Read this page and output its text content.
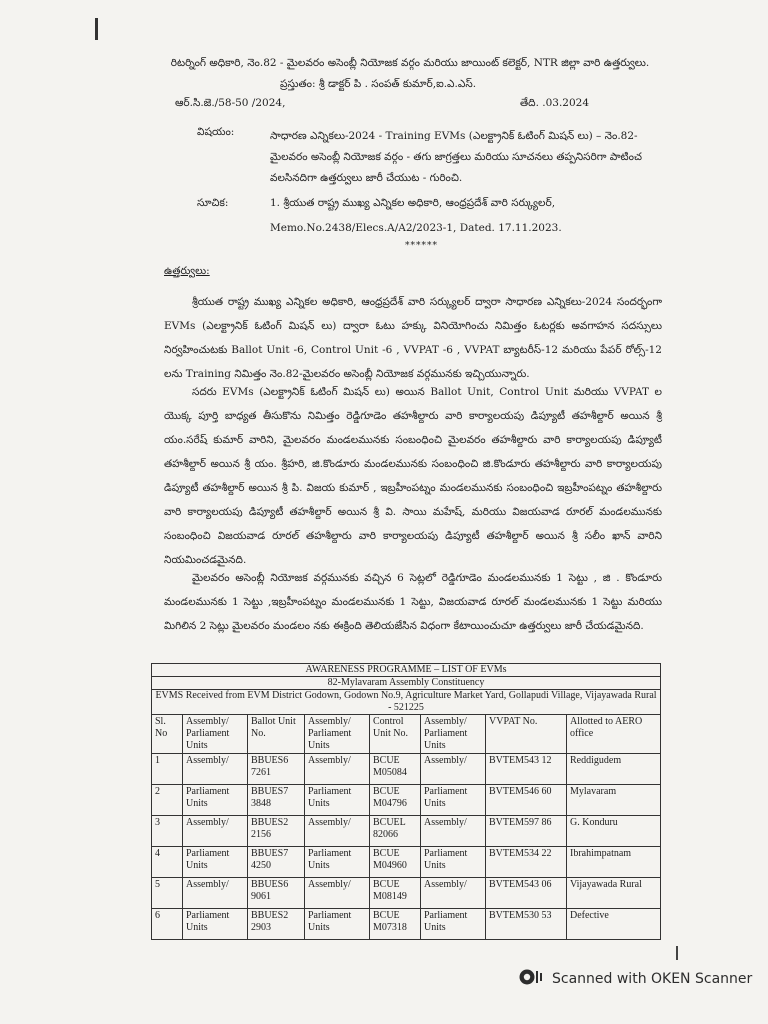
రిటర్నింగ్ అధికారి, నెం.82 - మైలవరం అసెంబ్లీ నియోజక వర్గం మరియు జాయింట్ కలెక్టర్, NTR జిల్లా వారి ఉత్తర్వులు.
ప్రస్తుతం: శ్రీ డాక్టర్ పి . సంపత్ కుమార్,ఐ.ఎ.ఎస్.
ఆర్.సి.జె./58-50 /2024,	తేది. .03.2024
విషయం:	సాధారణ ఎన్నికలు-2024 - Training EVMs (ఎలక్ట్రానిక్ ఓటింగ్ మిషన్ లు) – నెం.82-మైలవరం అసెంబ్లీ నియోజక వర్గం - తగు జాగ్రత్తలు మరియు సూచనలు తప్పనిసరిగా పాటించ వలసినదిగా ఉత్తర్వులు జారీ చేయుట - గురించి.
సూచిక:	1. శ్రీయుత రాష్ట్ర ముఖ్య ఎన్నికల అధికారి, ఆంధ్రప్రదేశ్ వారి సర్క్యులర్,
Memo.No.2438/Elecs.A/A2/2023-1, Dated. 17.11.2023.
******
ఉత్తర్వులు:
శ్రీయుత రాష్ట్ర ముఖ్య ఎన్నికల అధికారి, ఆంధ్రప్రదేశ్ వారి సర్క్యులర్ ద్వారా సాధారణ ఎన్నికలు-2024 సందర్భంగా EVMs (ఎలక్ట్రానిక్ ఓటింగ్ మిషన్ లు) ద్వారా ఓటు హక్కు వినియోగించు నిమిత్తం ఓటర్లకు అవగాహన సదస్సులు నిర్వహించుటకు Ballot Unit -6, Control Unit -6 , VVPAT -6 , VVPAT బ్యాటరీస్-12 మరియు పేపర్ రోల్స్-12 లను Training నిమిత్తం నెం.82-మైలవరం అసెంబ్లీ నియోజక వర్గమునకు ఇచ్చియున్నారు.
సదరు EVMs (ఎలక్ట్రానిక్ ఓటింగ్ మిషన్ లు) అయిన Ballot Unit, Control Unit మరియు VVPAT ల యొక్క పూర్తి బాధ్యత తీసుకొను నిమిత్తం రెడ్డిగూడెం తహశీల్దారు వారి కార్యాలయపు డిప్యూటీ తహశీల్దార్ అయిన శ్రీ యం.సరేష్ కుమార్ వారిని, మైలవరం మండలమునకు సంబంధించి మైలవరం తహశీల్దారు వారి కార్యాలయపు డిప్యూటీ తహశీల్దార్ అయిన శ్రీ యం. శ్రీహరి, జి.కొండూరు మండలమునకు సంబంధించి జి.కొండూరు తహశీల్దారు వారి కార్యాలయపు డిప్యూటీ తహశీల్దార్ అయిన శ్రీ పి. విజయ కుమార్ , ఇబ్రహీంపట్నం మండలమునకు సంబంధించి ఇబ్రహీంపట్నం తహశీల్దారు వారి కార్యాలయపు డిప్యూటీ తహశీల్దార్ అయిన శ్రీ వి. సాయి మహేష్, మరియు విజయవాడ రూరల్ మండలమునకు సంబంధించి విజయవాడ రూరల్ తహశీల్దారు వారి కార్యాలయపు డిప్యూటీ తహశీల్దార్ అయిన శ్రీ సలీం ఖాన్ వారిని నియమించడమైనది.
మైలవరం అసెంబ్లీ నియోజక వర్గమునకు వచ్చిన 6 సెట్లలో రెడ్డిగూడెం మండలమునకు 1 సెట్టు , జి . కొండూరు మండలమునకు 1 సెట్టు ,ఇబ్రహీంపట్నం మండలమునకు 1 సెట్టు, విజయవాడ రూరల్ మండలమునకు 1 సెట్టు మరియు మిగిలిన 2 సెట్లు మైలవరం మండలం నకు ఈక్రింది తెలియజేసిన విధంగా కేటాయించుచూ ఉత్తర్వులు జారీ చేయడమైనది.
AWARENESS PROGRAMME – LIST OF EVMs							
82-Mylavaram Assembly Constituency							
EVMS Received from EVM District Godown, Godown No.9, Agriculture Market Yard, Gollapudi Village, Vijayawada Rural - 521225							
Sl. No	Assembly/ Parliament Units	Ballot Unit No.	Assembly/ Parliament Units	Control Unit No.	Assembly/ Parliament Units	VVPAT No.	Allotted to AERO office
1	Assembly/	BBUES6 7261	Assembly/	BCUE M05084	Assembly/	BVTEM543 12	Reddigudem
2	Parliament Units	BBUES7 3848	Parliament Units	BCUE M04796	Parliament Units	BVTEM546 60	Mylavaram
3	Assembly/	BBUES2 2156	Assembly/	BCUEL 82066	Assembly/	BVTEM597 86	G. Konduru
4	Parliament Units	BBUES7 4250	Parliament Units	BCUE M04960	Parliament Units	BVTEM534 22	Ibrahimpatnam
5	Assembly/	BBUES6 9061	Assembly/	BCUE M08149	Assembly/	BVTEM543 06	Vijayawada Rural
6	Parliament Units	BBUES2 2903	Parliament Units	BCUE M07318	Parliament Units	BVTEM530 53	Defective
Scanned with OKEN Scanner
